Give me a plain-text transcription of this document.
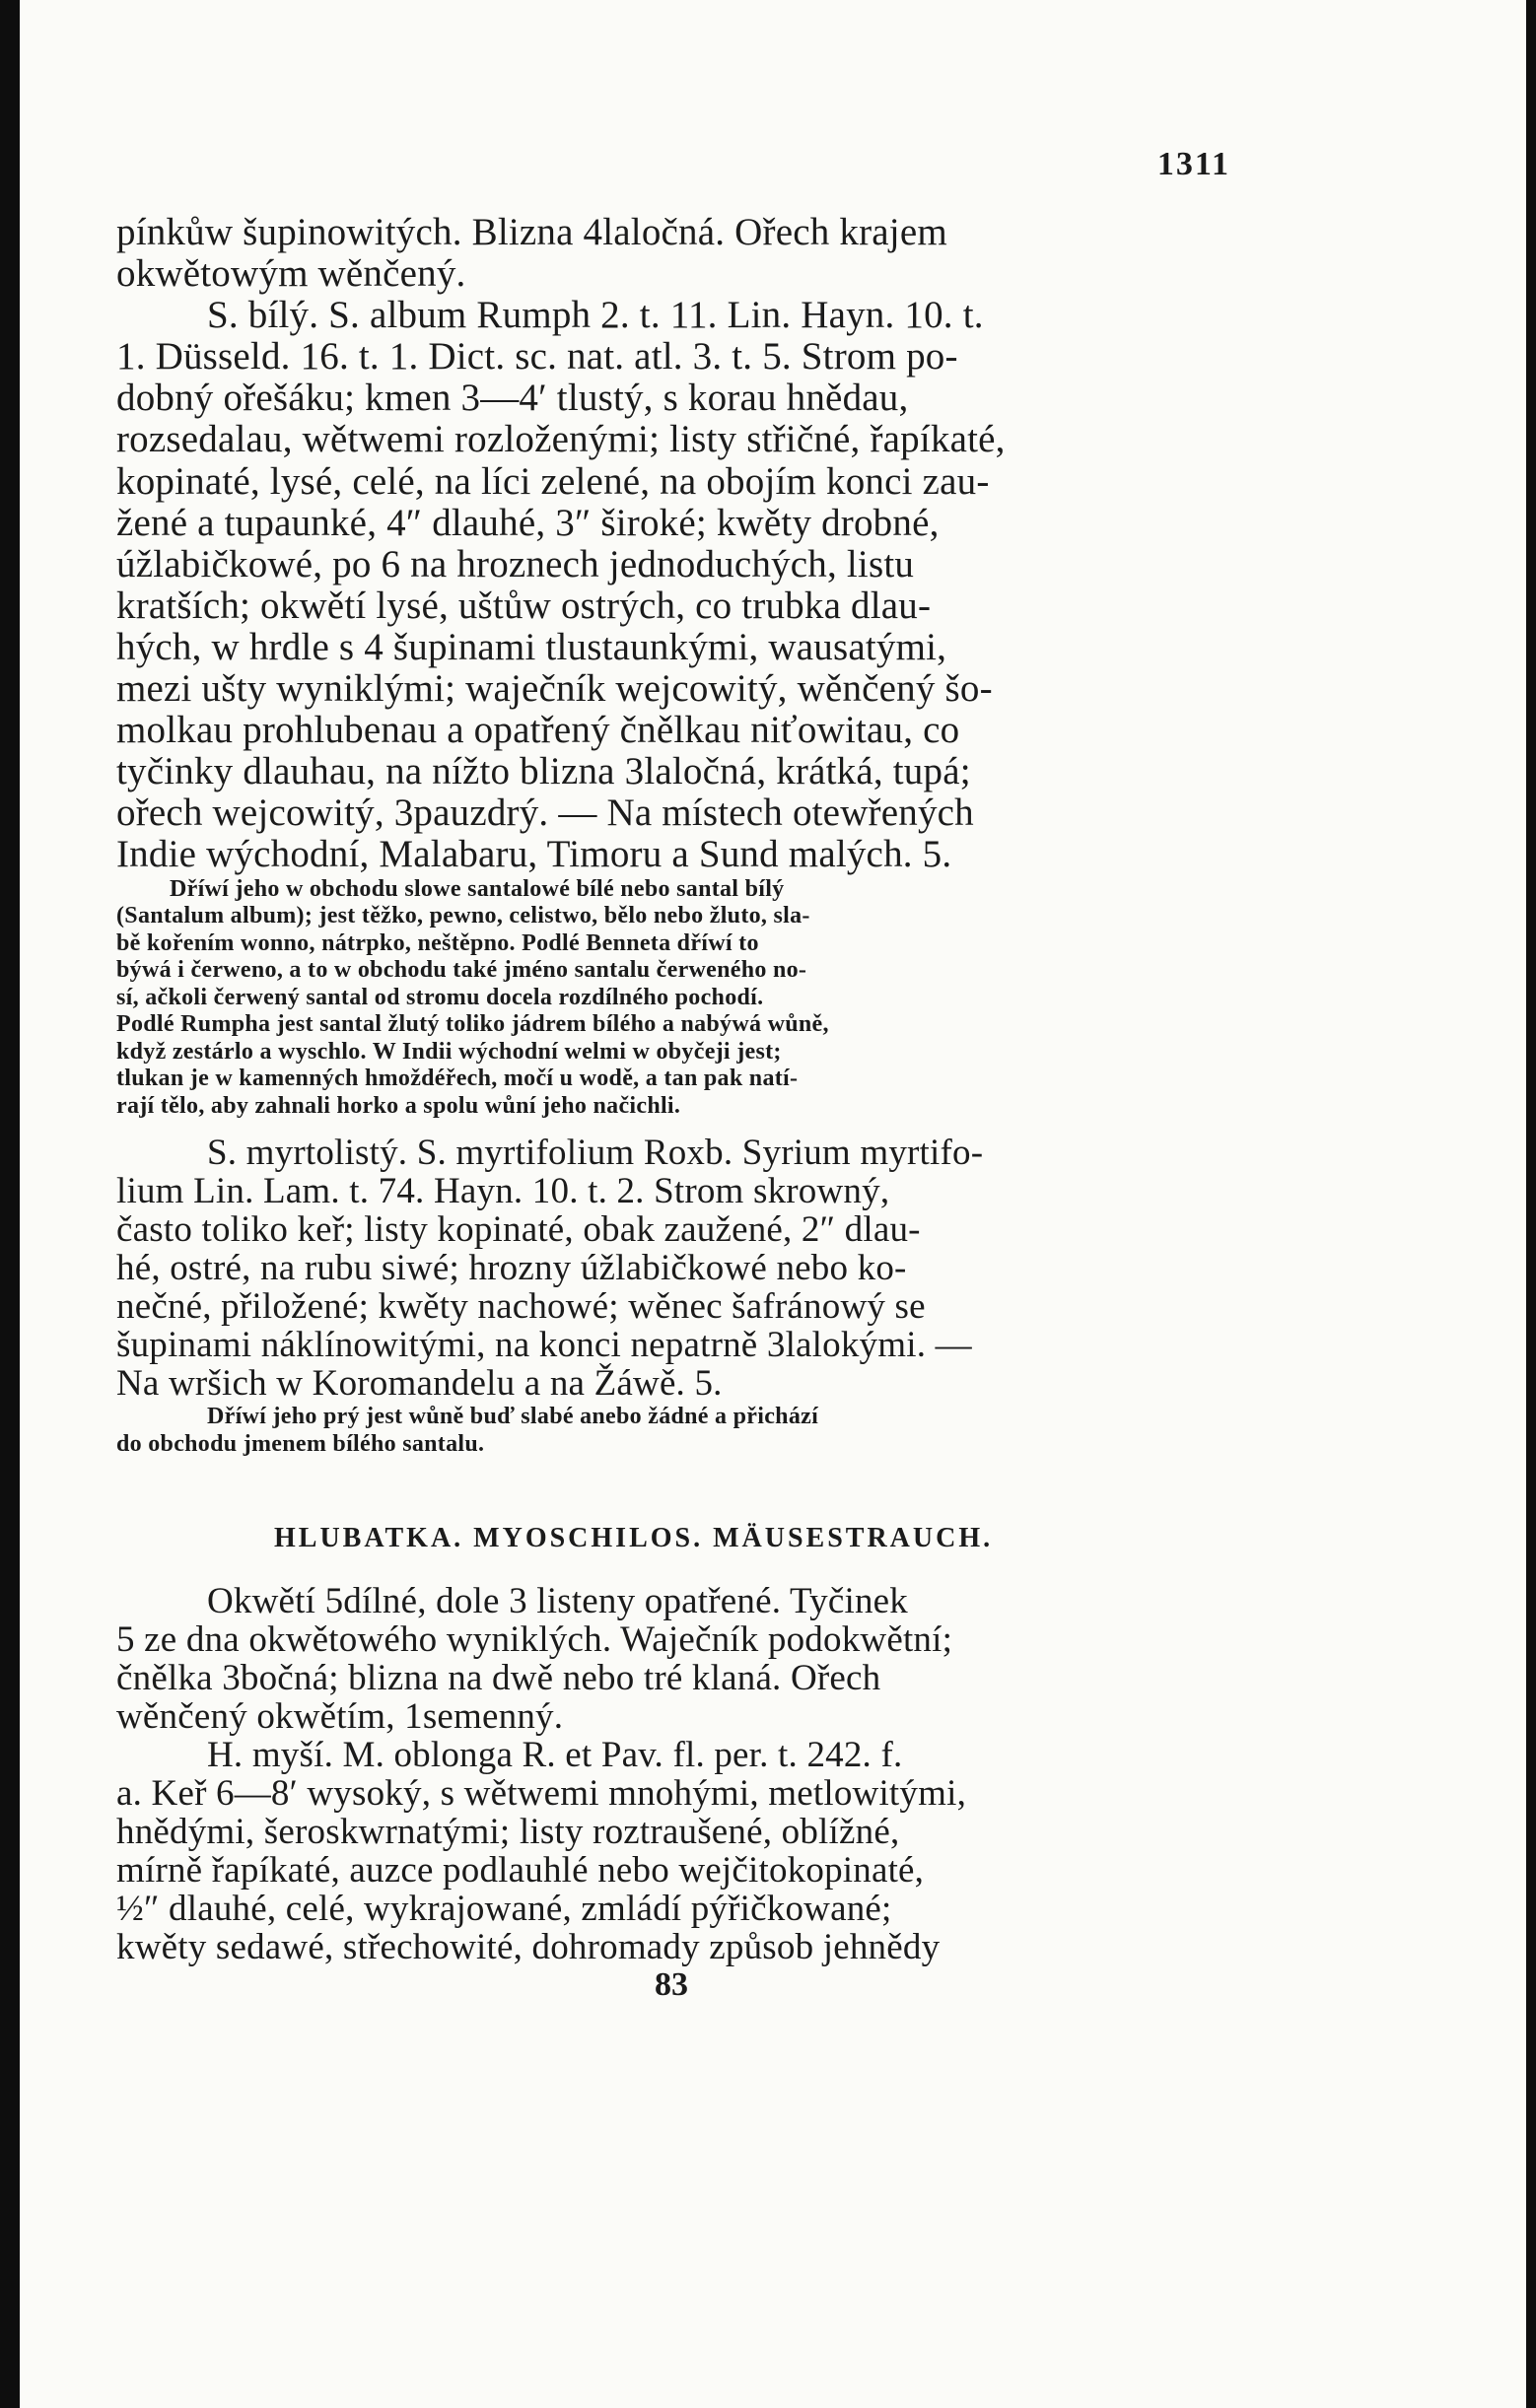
1311
pínkůw šupinowitých. Blizna 4laločná. Ořech krajem
okwětowým wěnčený.
S. bílý. S. album Rumph 2. t. 11. Lin. Hayn. 10. t.
1. Düsseld. 16. t. 1. Dict. sc. nat. atl. 3. t. 5. Strom po-
dobný ořešáku; kmen 3—4′ tlustý, s korau hnědau,
rozsedalau, wětwemi rozloženými; listy střičné, řapíkaté,
kopinaté, lysé, celé, na líci zelené, na obojím konci zau-
žené a tupaunké, 4″ dlauhé, 3″ široké; kwěty drobné,
úžlabičkowé, po 6 na hroznech jednoduchých, listu
kratších; okwětí lysé, uštůw ostrých, co trubka dlau-
hých, w hrdle s 4 šupinami tlustaunkými, wausatými,
mezi ušty wyniklými; waječník wejcowitý, wěnčený šo-
molkau prohlubenau a opatřený čnělkau niťowitau, co
tyčinky dlauhau, na nížto blizna 3laločná, krátká, tupá;
ořech wejcowitý, 3pauzdrý. — Na místech otewřených
Indie wýchodní, Malabaru, Timoru a Sund malých. 5.
Dříwí jeho w obchodu slowe santalowé bílé nebo santal bílý
(Santalum album); jest těžko, pewno, celistwo, bělo nebo žluto, sla-
bě kořením wonno, nátrpko, neštěpno. Podlé Benneta dříwí to
býwá i čerweno, a to w obchodu také jméno santalu čerweného no-
sí, ačkoli čerwený santal od stromu docela rozdílného pochodí.
Podlé Rumpha jest santal žlutý toliko jádrem bílého a nabýwá wůně,
když zestárlo a wyschlo. W Indii wýchodní welmi w obyčeji jest;
tlukan je w kamenných hmoždéřech, močí u wodě, a tan pak natí-
rají tělo, aby zahnali horko a spolu wůní jeho načichli.
S. myrtolistý. S. myrtifolium Roxb. Syrium myrtifo-
lium Lin. Lam. t. 74. Hayn. 10. t. 2. Strom skrowný,
často toliko keř; listy kopinaté, obak zaužené, 2″ dlau-
hé, ostré, na rubu siwé; hrozny úžlabičkowé nebo ko-
nečné, přiložené; kwěty nachowé; wěnec šafránowý se
šupinami náklínowitými, na konci nepatrně 3lalokými. —
Na wršich w Koromandelu a na Žáwě. 5.
Dříwí jeho prý jest wůně buď slabé anebo žádné a přichází
do obchodu jmenem bílého santalu.
HLUBATKA. MYOSCHILOS. MÄUSESTRAUCH.
Okwětí 5dílné, dole 3 listeny opatřené. Tyčinek
5 ze dna okwětowého wyniklých. Waječník podokwětní;
čnělka 3bočná; blizna na dwě nebo tré klaná. Ořech
wěnčený okwětím, 1semenný.
H. myší. M. oblonga R. et Pav. fl. per. t. 242. f.
a. Keř 6—8′ wysoký, s wětwemi mnohými, metlowitými,
hnědými, šeroskwrnatými; listy roztraušené, oblížné,
mírně řapíkaté, auzce podlauhlé nebo wejčitokopinaté,
½″ dlauhé, celé, wykrajowané, zmládí pýřičkowané;
kwěty sedawé, střechowité, dohromady způsob jehnědy
83
